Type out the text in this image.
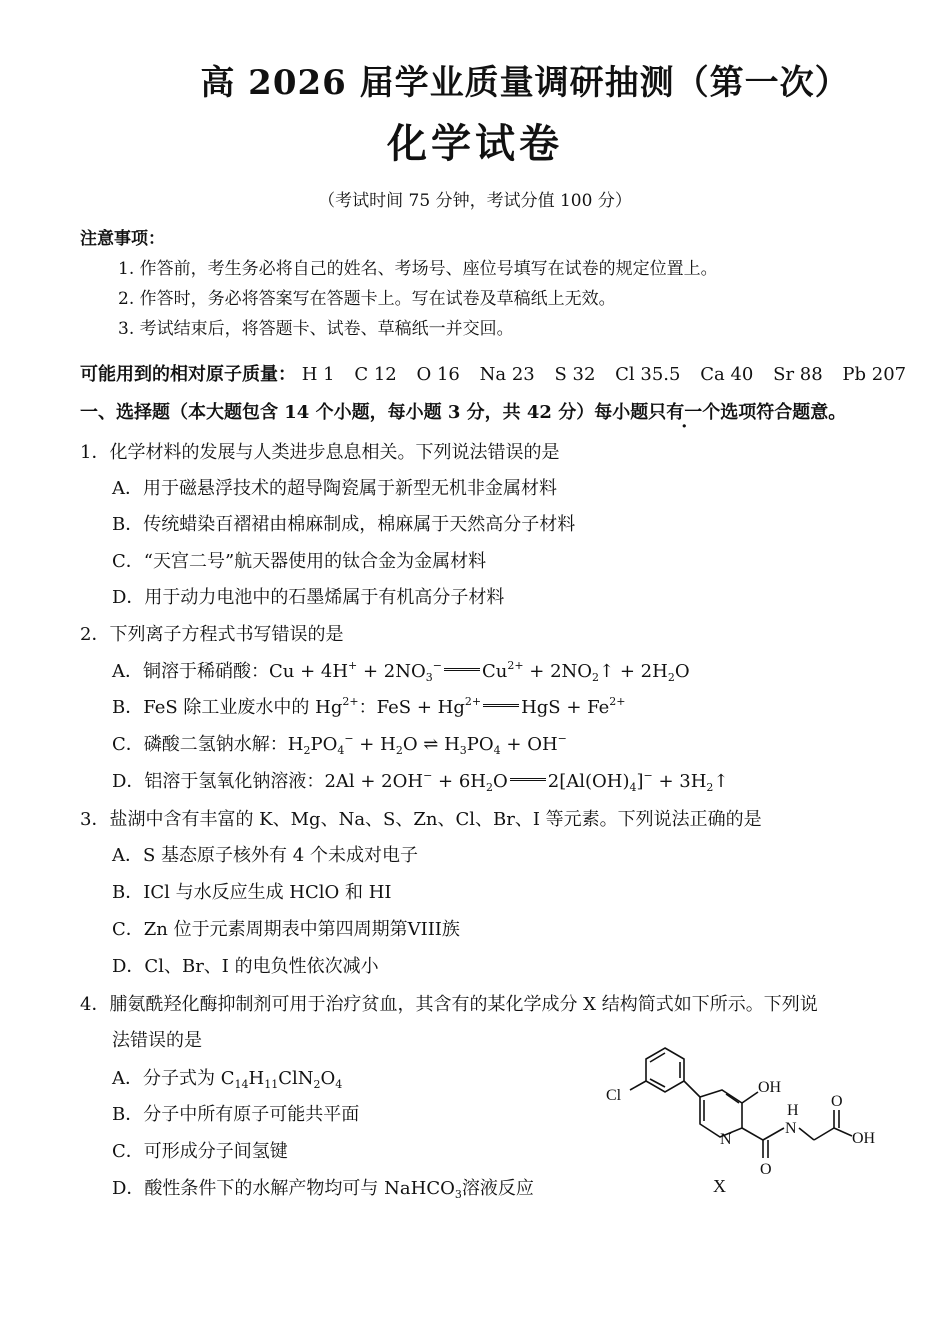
高 2026 届学业质量调研抽测（第一次）
化学试卷
（考试时间 75 分钟，考试分值 100 分）
注意事项：
1. 作答前，考生务必将自己的姓名、考场号、座位号填写在试卷的规定位置上。
2. 作答时，务必将答案写在答题卡上。写在试卷及草稿纸上无效。
3. 考试结束后，将答题卡、试卷、草稿纸一并交回。
可能用到的相对原子质量： H 1 C 12 O 16 Na 23 S 32 Cl 35.5 Ca 40 Sr 88 Pb 207
一、选择题（本大题包含 14 个小题，每小题 3 分，共 42 分）每小题只有一个选项符合题意。
1．化学材料的发展与人类进步息息相关。下列说法错误的是
A．用于磁悬浮技术的超导陶瓷属于新型无机非金属材料
B．传统蜡染百褶裙由棉麻制成，棉麻属于天然高分子材料
C．“天宫二号”航天器使用的钛合金为金属材料
D．用于动力电池中的石墨烯属于有机高分子材料
2．下列离子方程式书写错误的是
A．铜溶于稀硝酸：$Cu + 4H^+ + 2NO_3^-$ $Cu^{2+}$ + $2NO_2↑ + 2H_2O$
B．FeS 除工业废水中的 $Hg^{2+}$：FeS + $Hg^{2+}$ HgS + $Fe^{2+}$
C．磷酸二氢钠水解：$H_2PO_4^- + H_2O$ ⇌ $H_3PO_4 + OH^-$
D．铝溶于氢氧化钠溶液：$2Al + 2OH^- + 6H_2O$ $2[Al(OH)_4]^-$ + $3H_2↑$
3．盐湖中含有丰富的 K、Mg、Na、S、Zn、Cl、Br、I 等元素。下列说法正确的是
A．S 基态原子核外有 4 个未成对电子
B．ICl 与水反应生成 HClO 和 HI
C．Zn 位于元素周期表中第四周期第VIII族
D．Cl、Br、I 的电负性依次减小
4．脯氨酰羟化酶抑制剂可用于治疗贫血，其含有的某化学成分 X 结构简式如下所示。下列说
法错误的是
A．分子式为 $C_{14}H_{11}ClN_2O_4$
B．分子中所有原子可能共平面
C．可形成分子间氢键
D．酸性条件下的水解产物均可与 NaHCO$_3$溶液反应
Cl	OH
N
N
H
O
O
OH
X
